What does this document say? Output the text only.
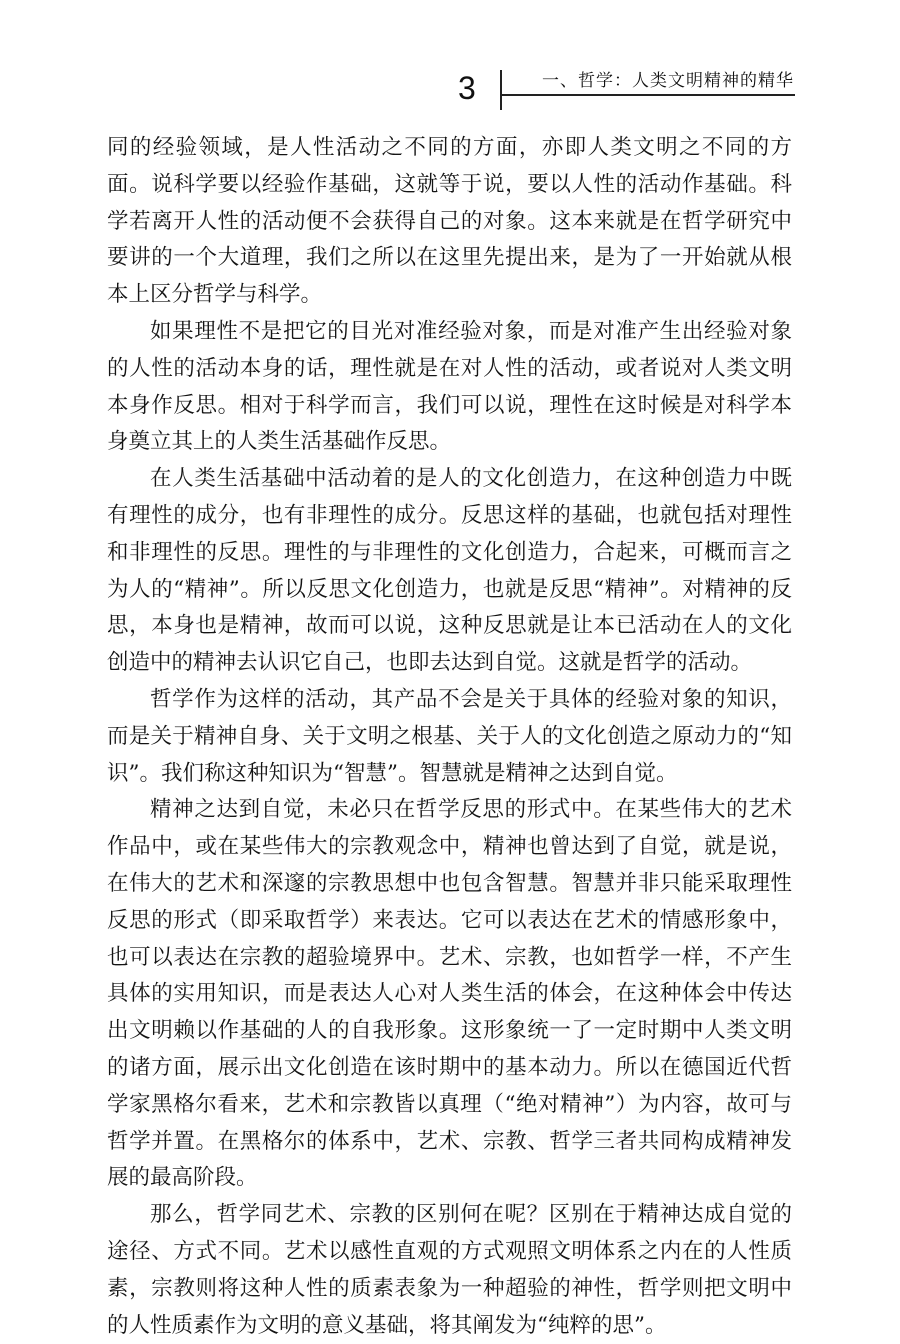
3	一、哲学：人类文明精神的精华

同的经验领域，是人性活动之不同的方面，亦即人类文明之不同的方面。说科学要以经验作基础，这就等于说，要以人性的活动作基础。科学若离开人性的活动便不会获得自己的对象。这本来就是在哲学研究中要讲的一个大道理，我们之所以在这里先提出来，是为了一开始就从根本上区分哲学与科学。

如果理性不是把它的目光对准经验对象，而是对准产生出经验对象的人性的活动本身的话，理性就是在对人性的活动，或者说对人类文明本身作反思。相对于科学而言，我们可以说，理性在这时候是对科学本身奠立其上的人类生活基础作反思。

在人类生活基础中活动着的是人的文化创造力，在这种创造力中既有理性的成分，也有非理性的成分。反思这样的基础，也就包括对理性和非理性的反思。理性的与非理性的文化创造力，合起来，可概而言之为人的“精神”。所以反思文化创造力，也就是反思“精神”。对精神的反思，本身也是精神，故而可以说，这种反思就是让本已活动在人的文化创造中的精神去认识它自己，也即去达到自觉。这就是哲学的活动。

哲学作为这样的活动，其产品不会是关于具体的经验对象的知识，而是关于精神自身、关于文明之根基、关于人的文化创造之原动力的“知识”。我们称这种知识为“智慧”。智慧就是精神之达到自觉。

精神之达到自觉，未必只在哲学反思的形式中。在某些伟大的艺术作品中，或在某些伟大的宗教观念中，精神也曾达到了自觉，就是说，在伟大的艺术和深邃的宗教思想中也包含智慧。智慧并非只能采取理性反思的形式（即采取哲学）来表达。它可以表达在艺术的情感形象中，也可以表达在宗教的超验境界中。艺术、宗教，也如哲学一样，不产生具体的实用知识，而是表达人心对人类生活的体会，在这种体会中传达出文明赖以作基础的人的自我形象。这形象统一了一定时期中人类文明的诸方面，展示出文化创造在该时期中的基本动力。所以在德国近代哲学家黑格尔看来，艺术和宗教皆以真理（“绝对精神”）为内容，故可与哲学并置。在黑格尔的体系中，艺术、宗教、哲学三者共同构成精神发展的最高阶段。

那么，哲学同艺术、宗教的区别何在呢？区别在于精神达成自觉的途径、方式不同。艺术以感性直观的方式观照文明体系之内在的人性质素，宗教则将这种人性的质素表象为一种超验的神性，哲学则把文明中的人性质素作为文明的意义基础，将其阐发为“纯粹的思”。
